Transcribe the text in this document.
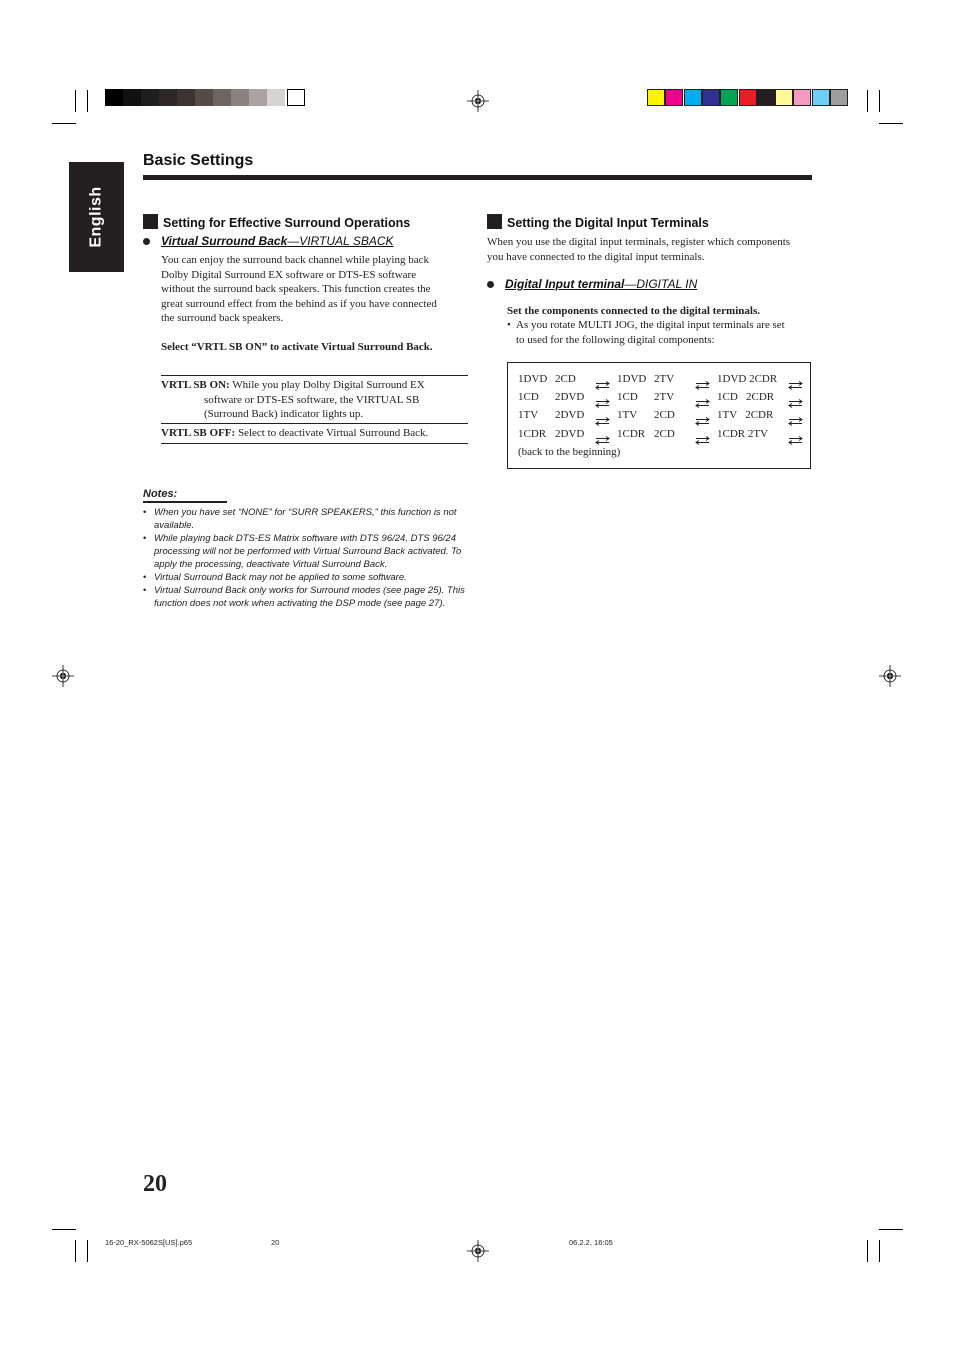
English
Basic Settings
Setting for Effective Surround Operations
Virtual Surround Back—VIRTUAL SBACK
You can enjoy the surround back channel while playing back
Dolby Digital Surround EX software or DTS-ES software
without the surround back speakers. This function creates the
great surround effect from the behind as if you have connected
the surround back speakers.
Select “VRTL SB ON” to activate Virtual Surround Back.
VRTL SB ON: While you play Dolby Digital Surround EX
software or DTS-ES software, the VIRTUAL SB
(Surround Back) indicator lights up.
VRTL SB OFF: Select to deactivate Virtual Surround Back.
Notes:
• When you have set “NONE” for “SURR SPEAKERS,” this function is not available.
• While playing back DTS-ES Matrix software with DTS 96/24, DTS 96/24 processing will not be performed with Virtual Surround Back activated. To apply the processing, deactivate Virtual Surround Back.
• Virtual Surround Back may not be applied to some software.
• Virtual Surround Back only works for Surround modes (see page 25). This function does not work when activating the DSP mode (see page 27).
Setting the Digital Input Terminals
When you use the digital input terminals, register which components
you have connected to the digital input terminals.
Digital Input terminal—DIGITAL IN
Set the components connected to the digital terminals.
• As you rotate MULTI JOG, the digital input terminals are set
to used for the following digital components:
1DVD 2CD	1DVD 2TV	1DVD 2CDR
1CD 2DVD	1CD 2TV	1CD   2CDR
1TV 2DVD	1TV 2CD	1TV   2CDR
1CDR 2DVD	1CDR 2CD	1CDR 2TV
(back to the beginning)
20
16-20_RX-5062S[US].p65	20	06.2.2, 16:05
